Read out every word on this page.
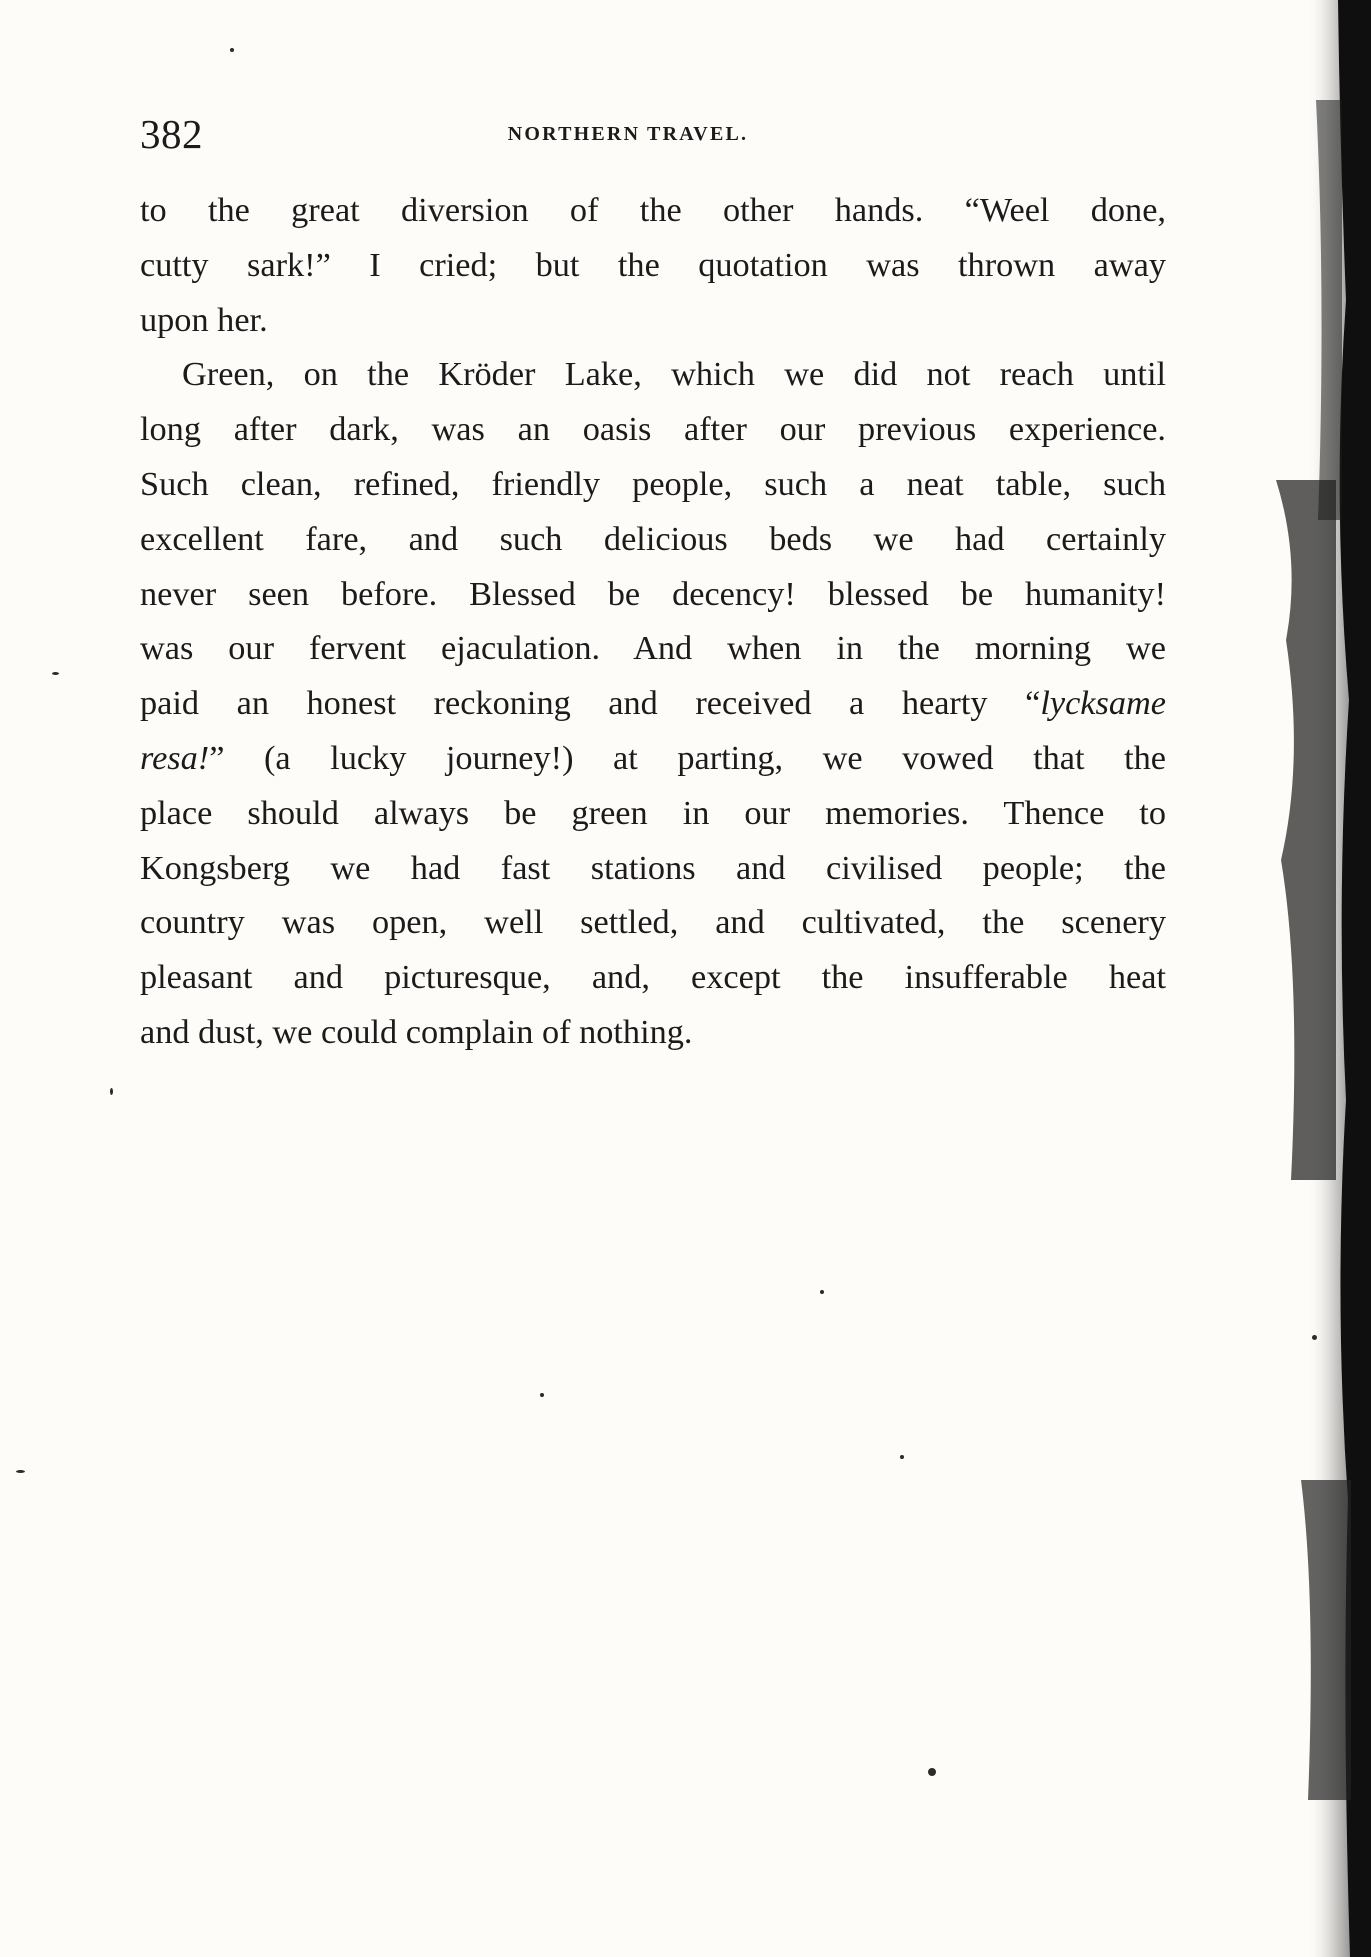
382	NORTHERN TRAVEL.
to the great diversion of the other hands. “Weel done,
cutty sark!” I cried; but the quotation was thrown away
upon her.
Green, on the Kröder Lake, which we did not reach until
long after dark, was an oasis after our previous experience.
Such clean, refined, friendly people, such a neat table, such
excellent fare, and such delicious beds we had certainly
never seen before. Blessed be decency! blessed be humanity!
was our fervent ejaculation. And when in the morning we
paid an honest reckoning and received a hearty “lycksame
resa!” (a lucky journey!) at parting, we vowed that the
place should always be green in our memories. Thence to
Kongsberg we had fast stations and civilised people; the
country was open, well settled, and cultivated, the scenery
pleasant and picturesque, and, except the insufferable heat
and dust, we could complain of nothing.
